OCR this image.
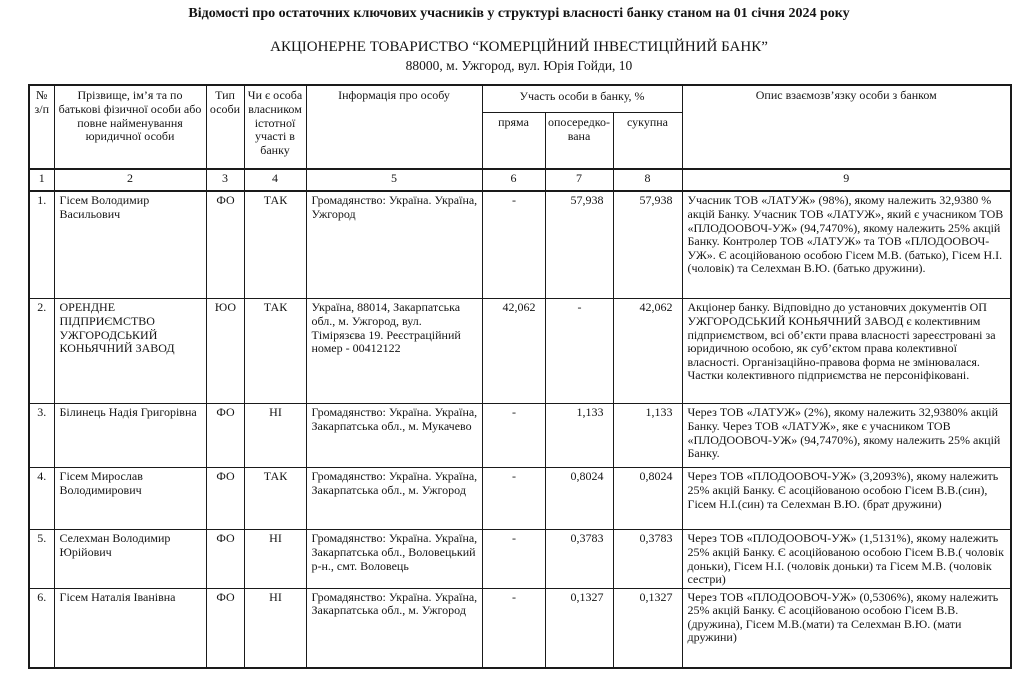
Відомості про остаточних ключових учасників у структурі власності банку станом на 01 січня 2024 року

АКЦІОНЕРНЕ ТОВАРИСТВО “КОМЕРЦІЙНИЙ ІНВЕСТИЦІЙНИЙ БАНК”

88000, м. Ужгород, вул. Юрія Гойди, 10

№ з/п	Прізвище, ім’я та по батькові фізичної особи або повне найменування юридичної особи	Тип особи	Чи є особа власником істотної участі в банку	Інформація про особу	Участь особи в банку, %			Опис взаємозв’язку особи з банком
					пряма	опосередко-вана	сукупна	
1	2	3	4	5	6	7	8	9
1.	Гісем Володимир Васильович	ФО	ТАК	Громадянство: Україна. Україна, Ужгород	-	57,938	57,938	Учасник ТОВ «ЛАТУЖ» (98%), якому належить 32,9380 % акцій Банку. Учасник ТОВ «ЛАТУЖ», який є учасником ТОВ «ПЛОДООВОЧ-УЖ» (94,7470%), якому належить 25% акцій Банку. Контролер ТОВ «ЛАТУЖ» та ТОВ «ПЛОДООВОЧ-УЖ». Є асоційованою особою Гісем М.В. (батько), Гісем Н.І. (чоловік) та Селехман В.Ю. (батько дружини).
2.	ОРЕНДНЕ ПІДПРИЄМСТВО УЖГОРОДСЬКИЙ КОНЬЯЧНИЙ ЗАВОД	ЮО	ТАК	Україна, 88014, Закарпатська обл., м. Ужгород, вул. Тімірязєва 19. Реєстраційний номер - 00412122	42,062	-	42,062	Акціонер банку. Відповідно до установчих документів ОП УЖГОРОДСЬКИЙ КОНЬЯЧНИЙ ЗАВОД є колективним підприємством, всі об’єкти права власності зареєстровані за юридичною особою, як суб’єктом права колективної власності. Організаційно-правова форма не змінювалася. Частки колективного підприємства не персоніфіковані.
3.	Білинець Надія Григорівна	ФО	НІ	Громадянство: Україна. Україна, Закарпатська обл., м. Мукачево	-	1,133	1,133	Через ТОВ «ЛАТУЖ» (2%), якому належить 32,9380% акцій Банку. Через ТОВ «ЛАТУЖ», яке є учасником ТОВ «ПЛОДООВОЧ-УЖ» (94,7470%), якому належить 25% акцій Банку.
4.	Гісем Мирослав Володимирович	ФО	ТАК	Громадянство: Україна. Україна, Закарпатська обл., м. Ужгород	-	0,8024	0,8024	Через ТОВ «ПЛОДООВОЧ-УЖ» (3,2093%), якому належить 25% акцій Банку. Є асоційованою особою Гісем В.В.(син), Гісем Н.І.(син) та Селехман В.Ю. (брат дружини)
5.	Селехман Володимир Юрійович	ФО	НІ	Громадянство: Україна. Україна, Закарпатська обл., Воловецький р-н., смт. Воловець	-	0,3783	0,3783	Через ТОВ «ПЛОДООВОЧ-УЖ» (1,5131%), якому належить 25% акцій Банку. Є асоційованою особою Гісем В.В.( чоловік доньки), Гісем Н.І. (чоловік доньки) та Гісем М.В. (чоловік сестри)
6.	Гісем Наталія Іванівна	ФО	НІ	Громадянство: Україна. Україна, Закарпатська обл., м. Ужгород	-	0,1327	0,1327	Через ТОВ «ПЛОДООВОЧ-УЖ» (0,5306%), якому належить 25% акцій Банку. Є асоційованою особою Гісем В.В. (дружина), Гісем М.В.(мати) та Селехман В.Ю. (мати дружини)
